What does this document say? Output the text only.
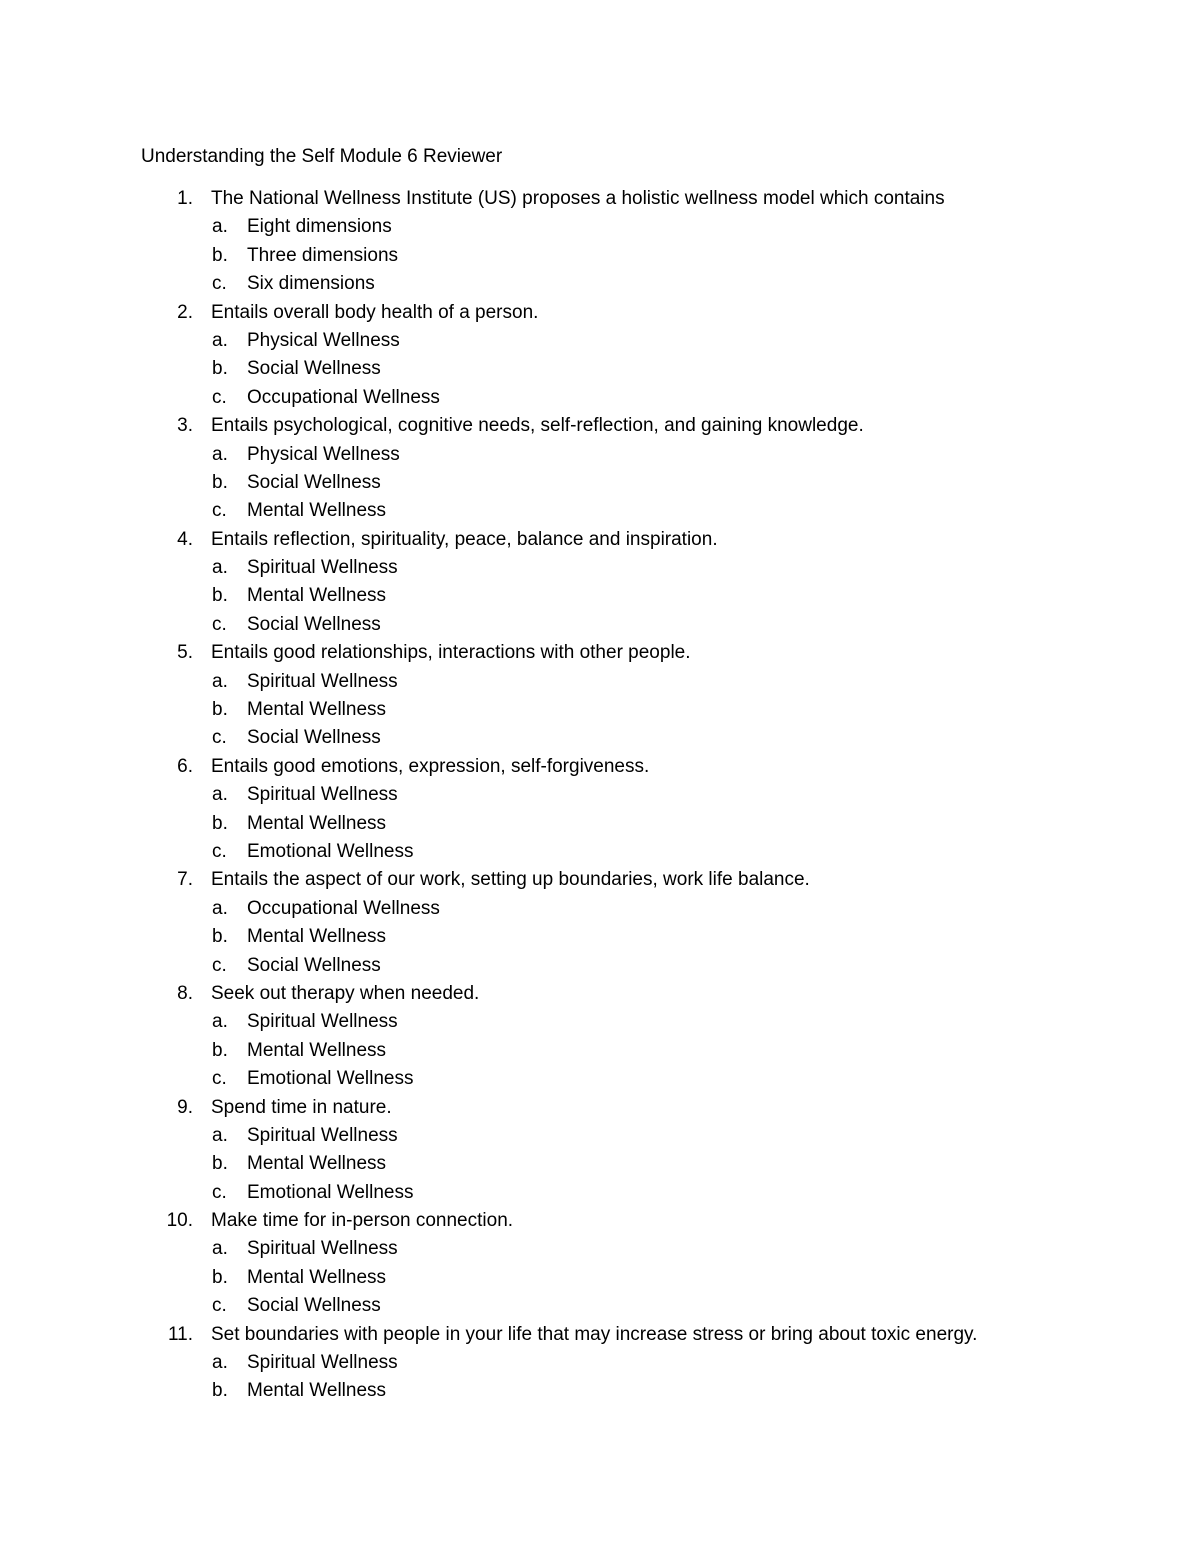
Understanding the Self Module 6 Reviewer
1. The National Wellness Institute (US) proposes a holistic wellness model which contains
a. Eight dimensions
b. Three dimensions
c. Six dimensions
2. Entails overall body health of a person.
a. Physical Wellness
b. Social Wellness
c. Occupational Wellness
3. Entails psychological, cognitive needs, self-reflection, and gaining knowledge.
a. Physical Wellness
b. Social Wellness
c. Mental Wellness
4. Entails reflection, spirituality, peace, balance and inspiration.
a. Spiritual Wellness
b. Mental Wellness
c. Social Wellness
5. Entails good relationships, interactions with other people.
a. Spiritual Wellness
b. Mental Wellness
c. Social Wellness
6. Entails good emotions, expression, self-forgiveness.
a. Spiritual Wellness
b. Mental Wellness
c. Emotional Wellness
7. Entails the aspect of our work, setting up boundaries, work life balance.
a. Occupational Wellness
b. Mental Wellness
c. Social Wellness
8. Seek out therapy when needed.
a. Spiritual Wellness
b. Mental Wellness
c. Emotional Wellness
9. Spend time in nature.
a. Spiritual Wellness
b. Mental Wellness
c. Emotional Wellness
10. Make time for in-person connection.
a. Spiritual Wellness
b. Mental Wellness
c. Social Wellness
11. Set boundaries with people in your life that may increase stress or bring about toxic energy.
a. Spiritual Wellness
b. Mental Wellness
